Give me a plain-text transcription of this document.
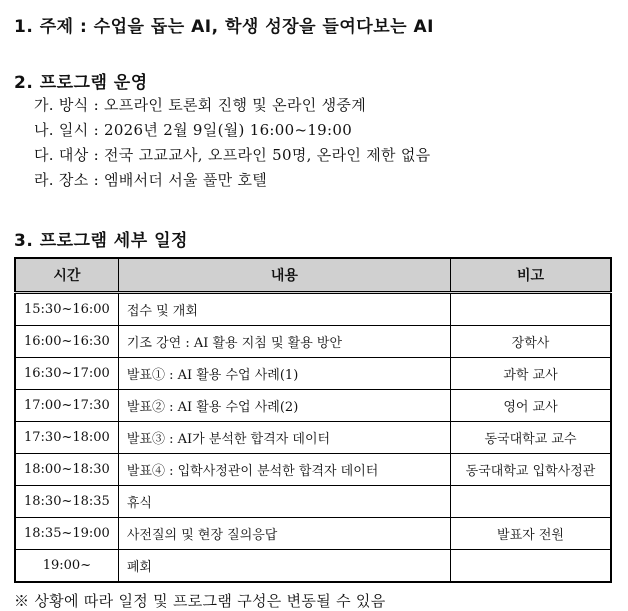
1. 주제 : 수업을 돕는 AI, 학생 성장을 들여다보는 AI
2. 프로그램 운영
가. 방식 : 오프라인 토론회 진행 및 온라인 생중계
나. 일시 : 2026년 2월 9일(월) 16:00~19:00
다. 대상 : 전국 고교교사, 오프라인 50명, 온라인 제한 없음
라. 장소 : 엠배서더 서울 풀만 호텔
3. 프로그램 세부 일정
시간	내용	비고
15:30~16:00	접수 및 개회	
16:00~16:30	기조 강연 : AI 활용 지침 및 활용 방안	장학사
16:30~17:00	발표① : AI 활용 수업 사례(1)	과학 교사
17:00~17:30	발표② : AI 활용 수업 사례(2)	영어 교사
17:30~18:00	발표③ : AI가 분석한 합격자 데이터	동국대학교 교수
18:00~18:30	발표④ : 입학사정관이 분석한 합격자 데이터	동국대학교 입학사정관
18:30~18:35	휴식	
18:35~19:00	사전질의 및 현장 질의응답	발표자 전원
19:00~	폐회	
※ 상황에 따라 일정 및 프로그램 구성은 변동될 수 있음
